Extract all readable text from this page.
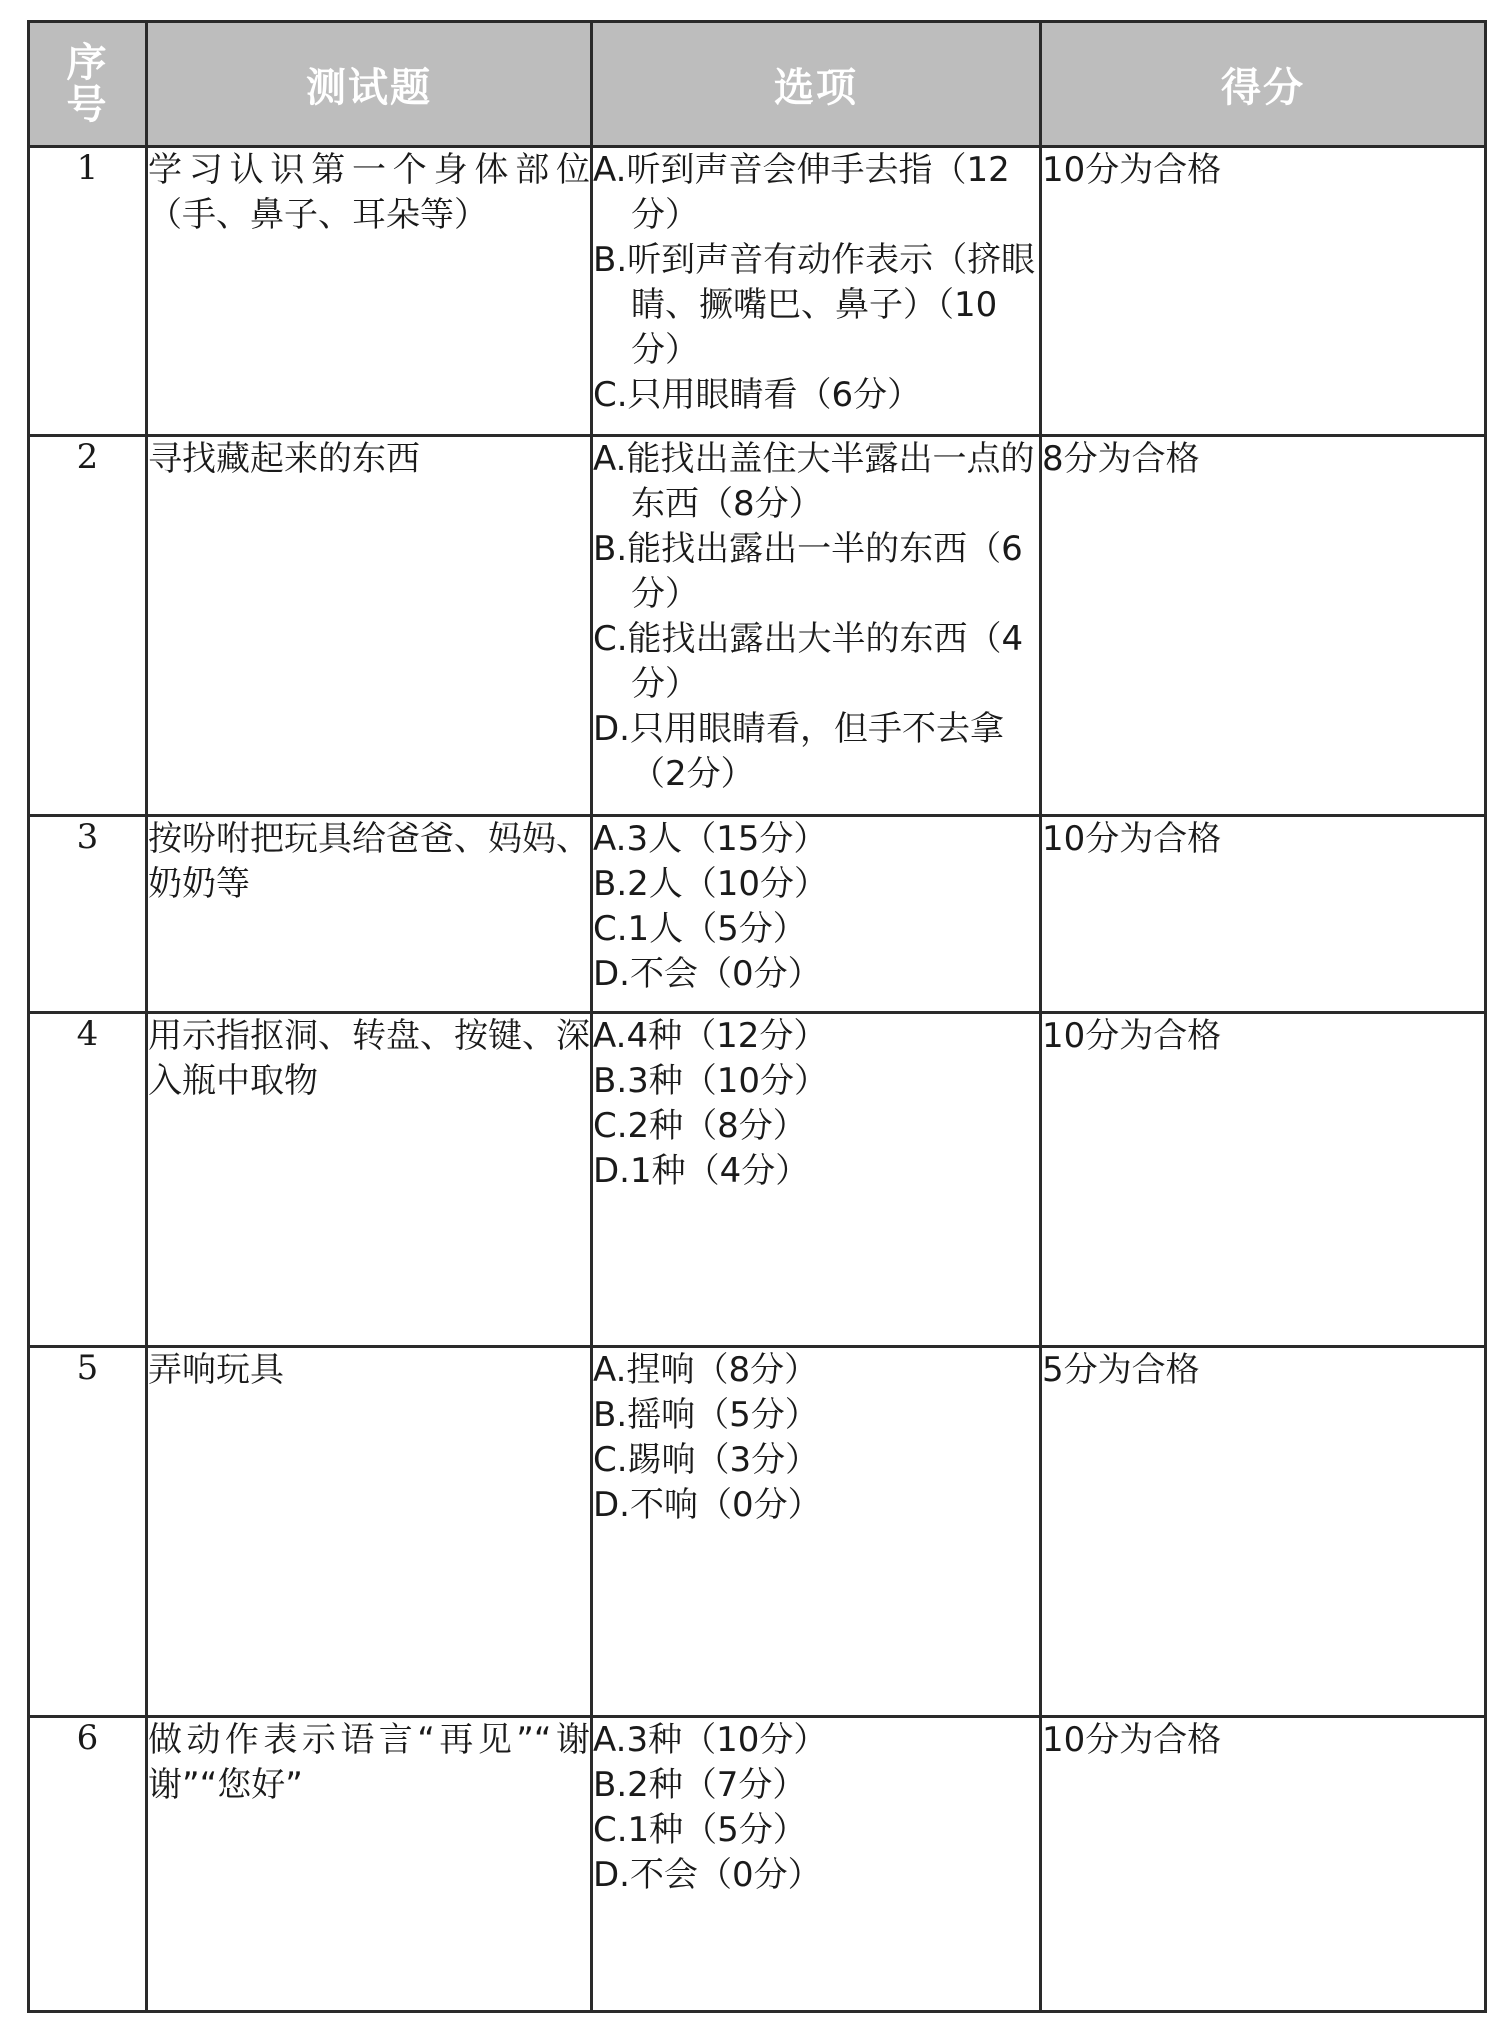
序
号	测试题	选项	得分
1	学习认识第一个身体部位（手、鼻子、耳朵等）	A.听到声音会伸手去指（12分）
B.听到声音有动作表示（挤眼睛、撅嘴巴、鼻子）（10分）
C.只用眼睛看（6分）	10分为合格
2	寻找藏起来的东西	A.能找出盖住大半露出一点的东西（8分）
B.能找出露出一半的东西（6分）
C.能找出露出大半的东西（4分）
D.只用眼睛看，但手不去拿（2分）	8分为合格
3	按吩咐把玩具给爸爸、妈妈、奶奶等	A.3人（15分）
B.2人（10分）
C.1人（5分）
D.不会（0分）	10分为合格
4	用示指抠洞、转盘、按键、深入瓶中取物	A.4种（12分）
B.3种（10分）
C.2种（8分）
D.1种（4分）	10分为合格
5	弄响玩具	A.捏响（8分）
B.摇响（5分）
C.踢响（3分）
D.不响（0分）	5分为合格
6	做动作表示语言“再见”“谢谢”“您好”	A.3种（10分）
B.2种（7分）
C.1种（5分）
D.不会（0分）	10分为合格
